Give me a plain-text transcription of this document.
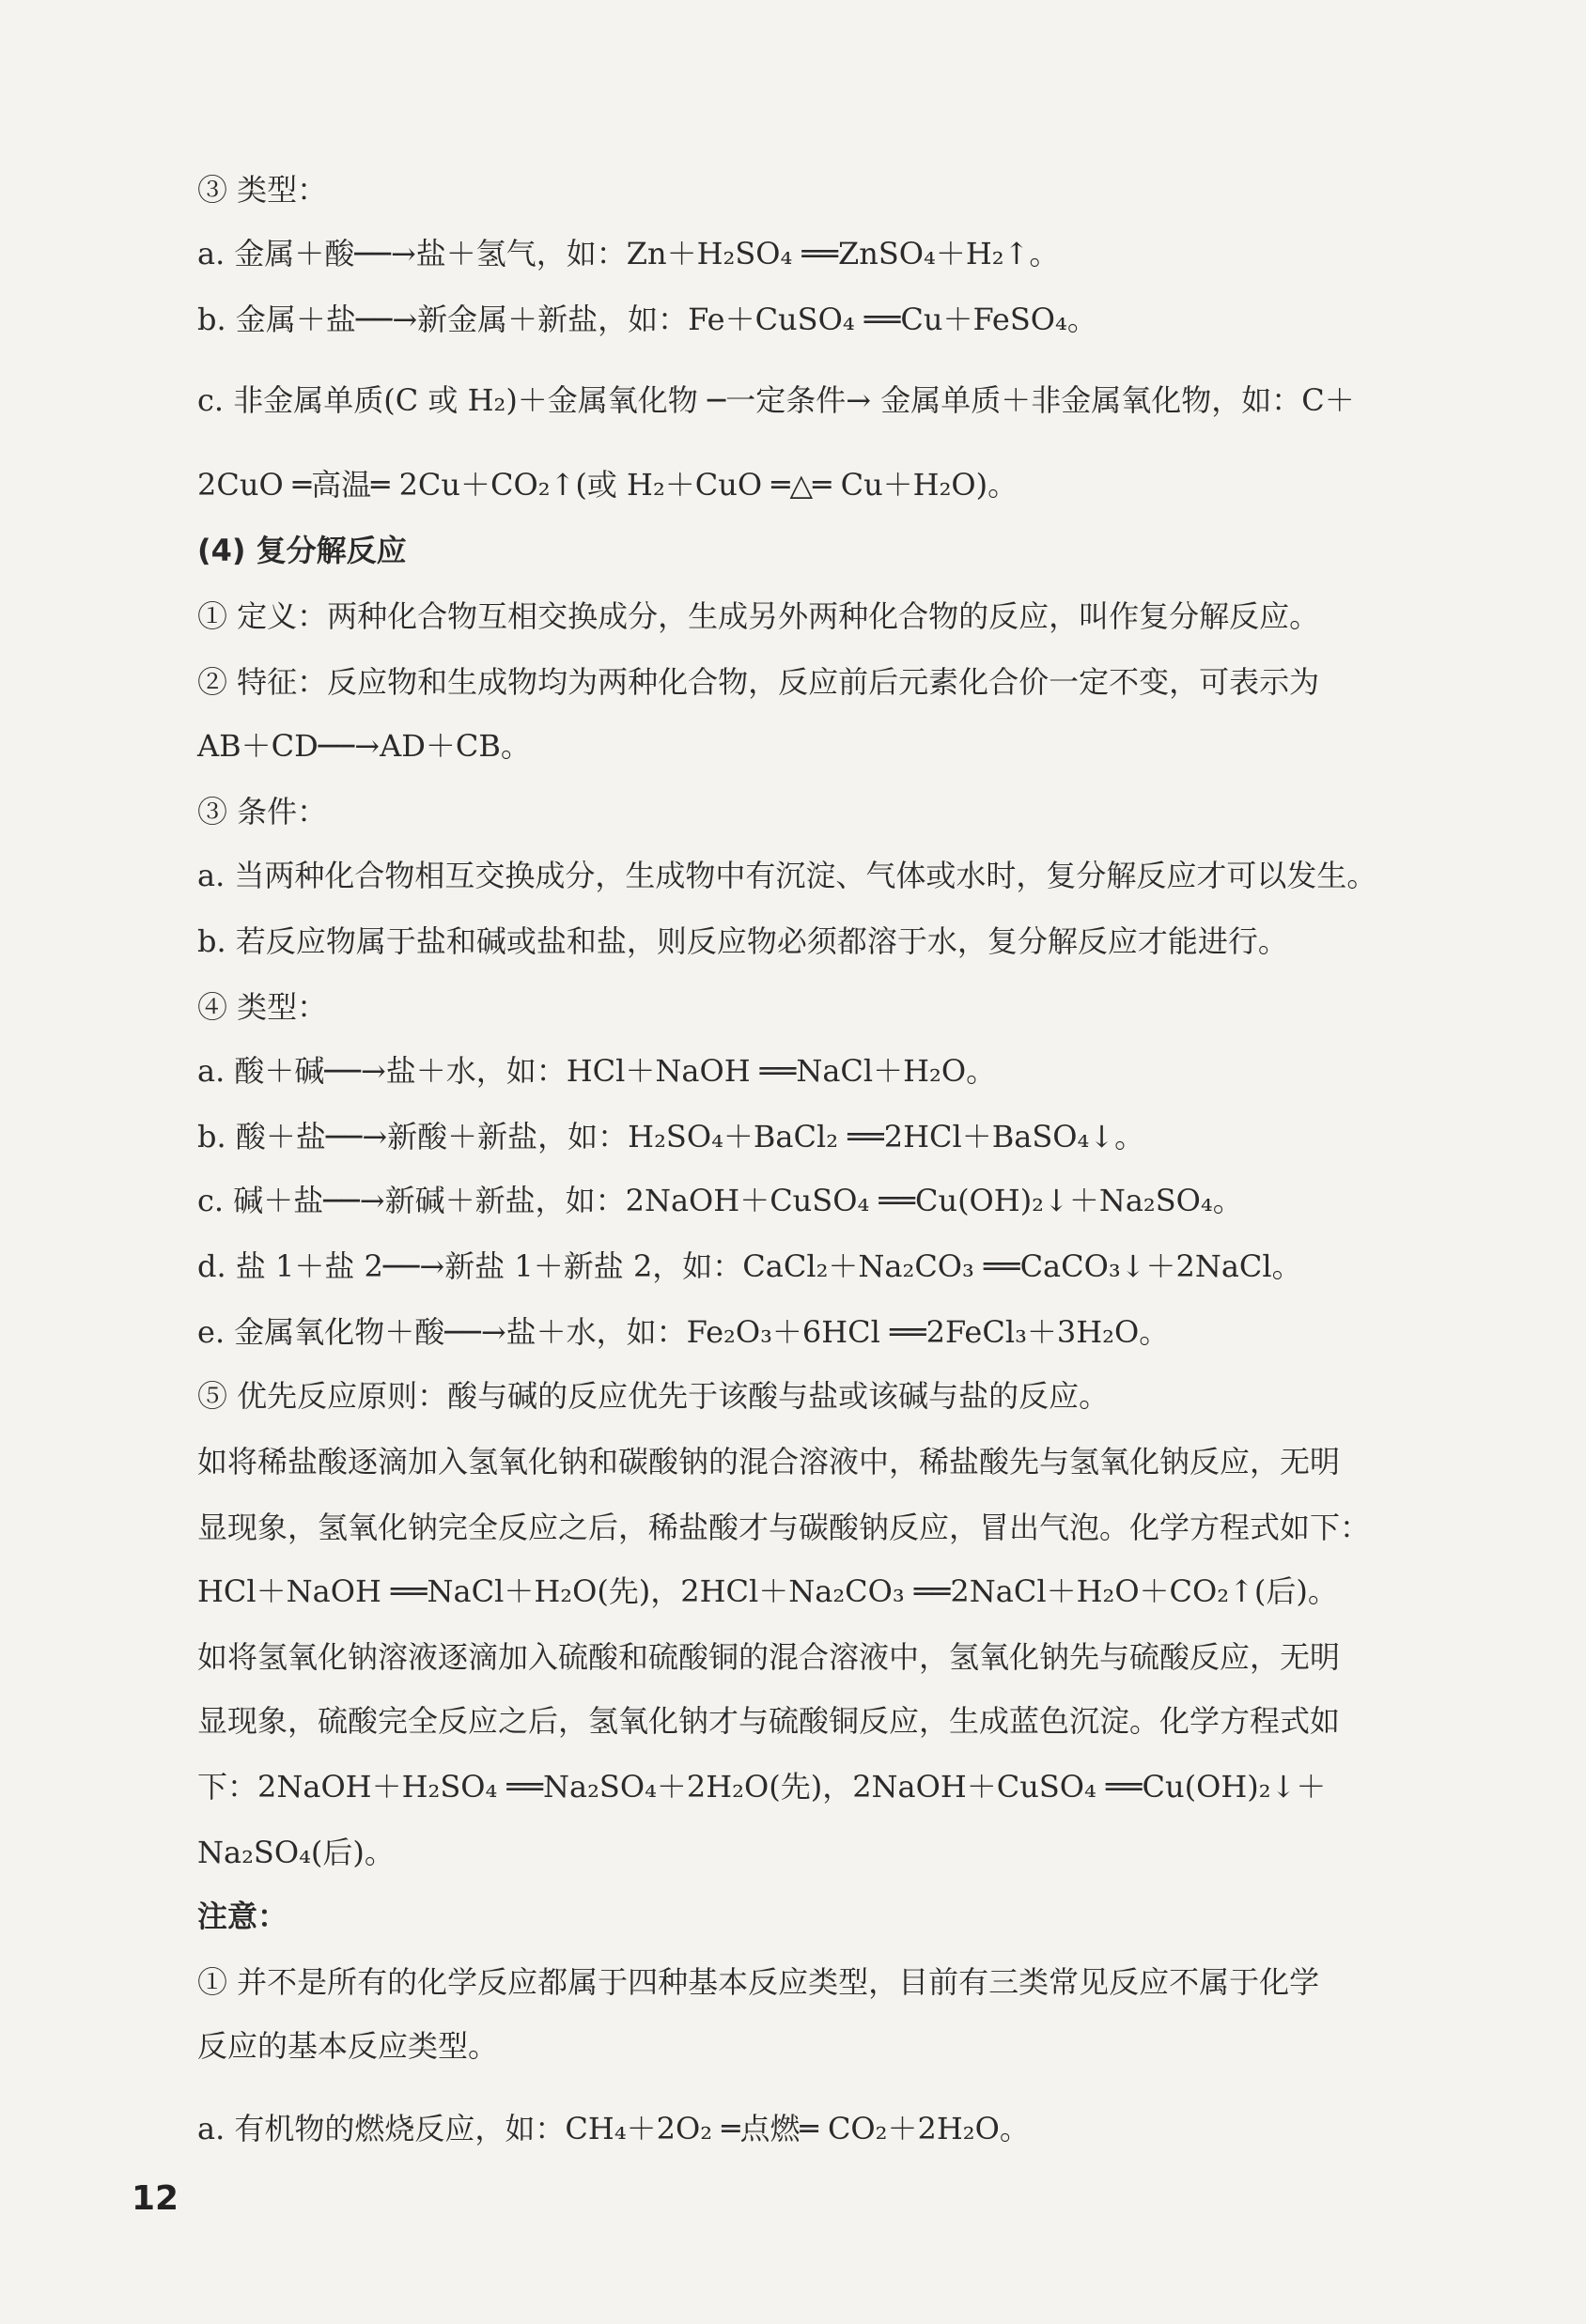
③ 类型：
a. 金属＋酸──→盐＋氢气，如：Zn＋H₂SO₄ ══ZnSO₄＋H₂↑。
b. 金属＋盐──→新金属＋新盐，如：Fe＋CuSO₄ ══Cu＋FeSO₄。
c. 非金属单质(C 或 H₂)＋金属氧化物 ─一定条件→ 金属单质＋非金属氧化物，如：C＋
2CuO ═高温═ 2Cu＋CO₂↑(或 H₂＋CuO ═△═ Cu＋H₂O)。
(4) 复分解反应
① 定义：两种化合物互相交换成分，生成另外两种化合物的反应，叫作复分解反应。
② 特征：反应物和生成物均为两种化合物，反应前后元素化合价一定不变，可表示为
AB＋CD──→AD＋CB。
③ 条件：
a. 当两种化合物相互交换成分，生成物中有沉淀、气体或水时，复分解反应才可以发生。
b. 若反应物属于盐和碱或盐和盐，则反应物必须都溶于水，复分解反应才能进行。
④ 类型：
a. 酸＋碱──→盐＋水，如：HCl＋NaOH ══NaCl＋H₂O。
b. 酸＋盐──→新酸＋新盐，如：H₂SO₄＋BaCl₂ ══2HCl＋BaSO₄↓。
c. 碱＋盐──→新碱＋新盐，如：2NaOH＋CuSO₄ ══Cu(OH)₂↓＋Na₂SO₄。
d. 盐 1＋盐 2──→新盐 1＋新盐 2，如：CaCl₂＋Na₂CO₃ ══CaCO₃↓＋2NaCl。
e. 金属氧化物＋酸──→盐＋水，如：Fe₂O₃＋6HCl ══2FeCl₃＋3H₂O。
⑤ 优先反应原则：酸与碱的反应优先于该酸与盐或该碱与盐的反应。
如将稀盐酸逐滴加入氢氧化钠和碳酸钠的混合溶液中，稀盐酸先与氢氧化钠反应，无明
显现象，氢氧化钠完全反应之后，稀盐酸才与碳酸钠反应，冒出气泡。化学方程式如下：
HCl＋NaOH ══NaCl＋H₂O(先)，2HCl＋Na₂CO₃ ══2NaCl＋H₂O＋CO₂↑(后)。
如将氢氧化钠溶液逐滴加入硫酸和硫酸铜的混合溶液中，氢氧化钠先与硫酸反应，无明
显现象，硫酸完全反应之后，氢氧化钠才与硫酸铜反应，生成蓝色沉淀。化学方程式如
下：2NaOH＋H₂SO₄ ══Na₂SO₄＋2H₂O(先)，2NaOH＋CuSO₄ ══Cu(OH)₂↓＋
Na₂SO₄(后)。
注意：
① 并不是所有的化学反应都属于四种基本反应类型，目前有三类常见反应不属于化学
反应的基本反应类型。
a. 有机物的燃烧反应，如：CH₄＋2O₂ ═点燃═ CO₂＋2H₂O。
12
